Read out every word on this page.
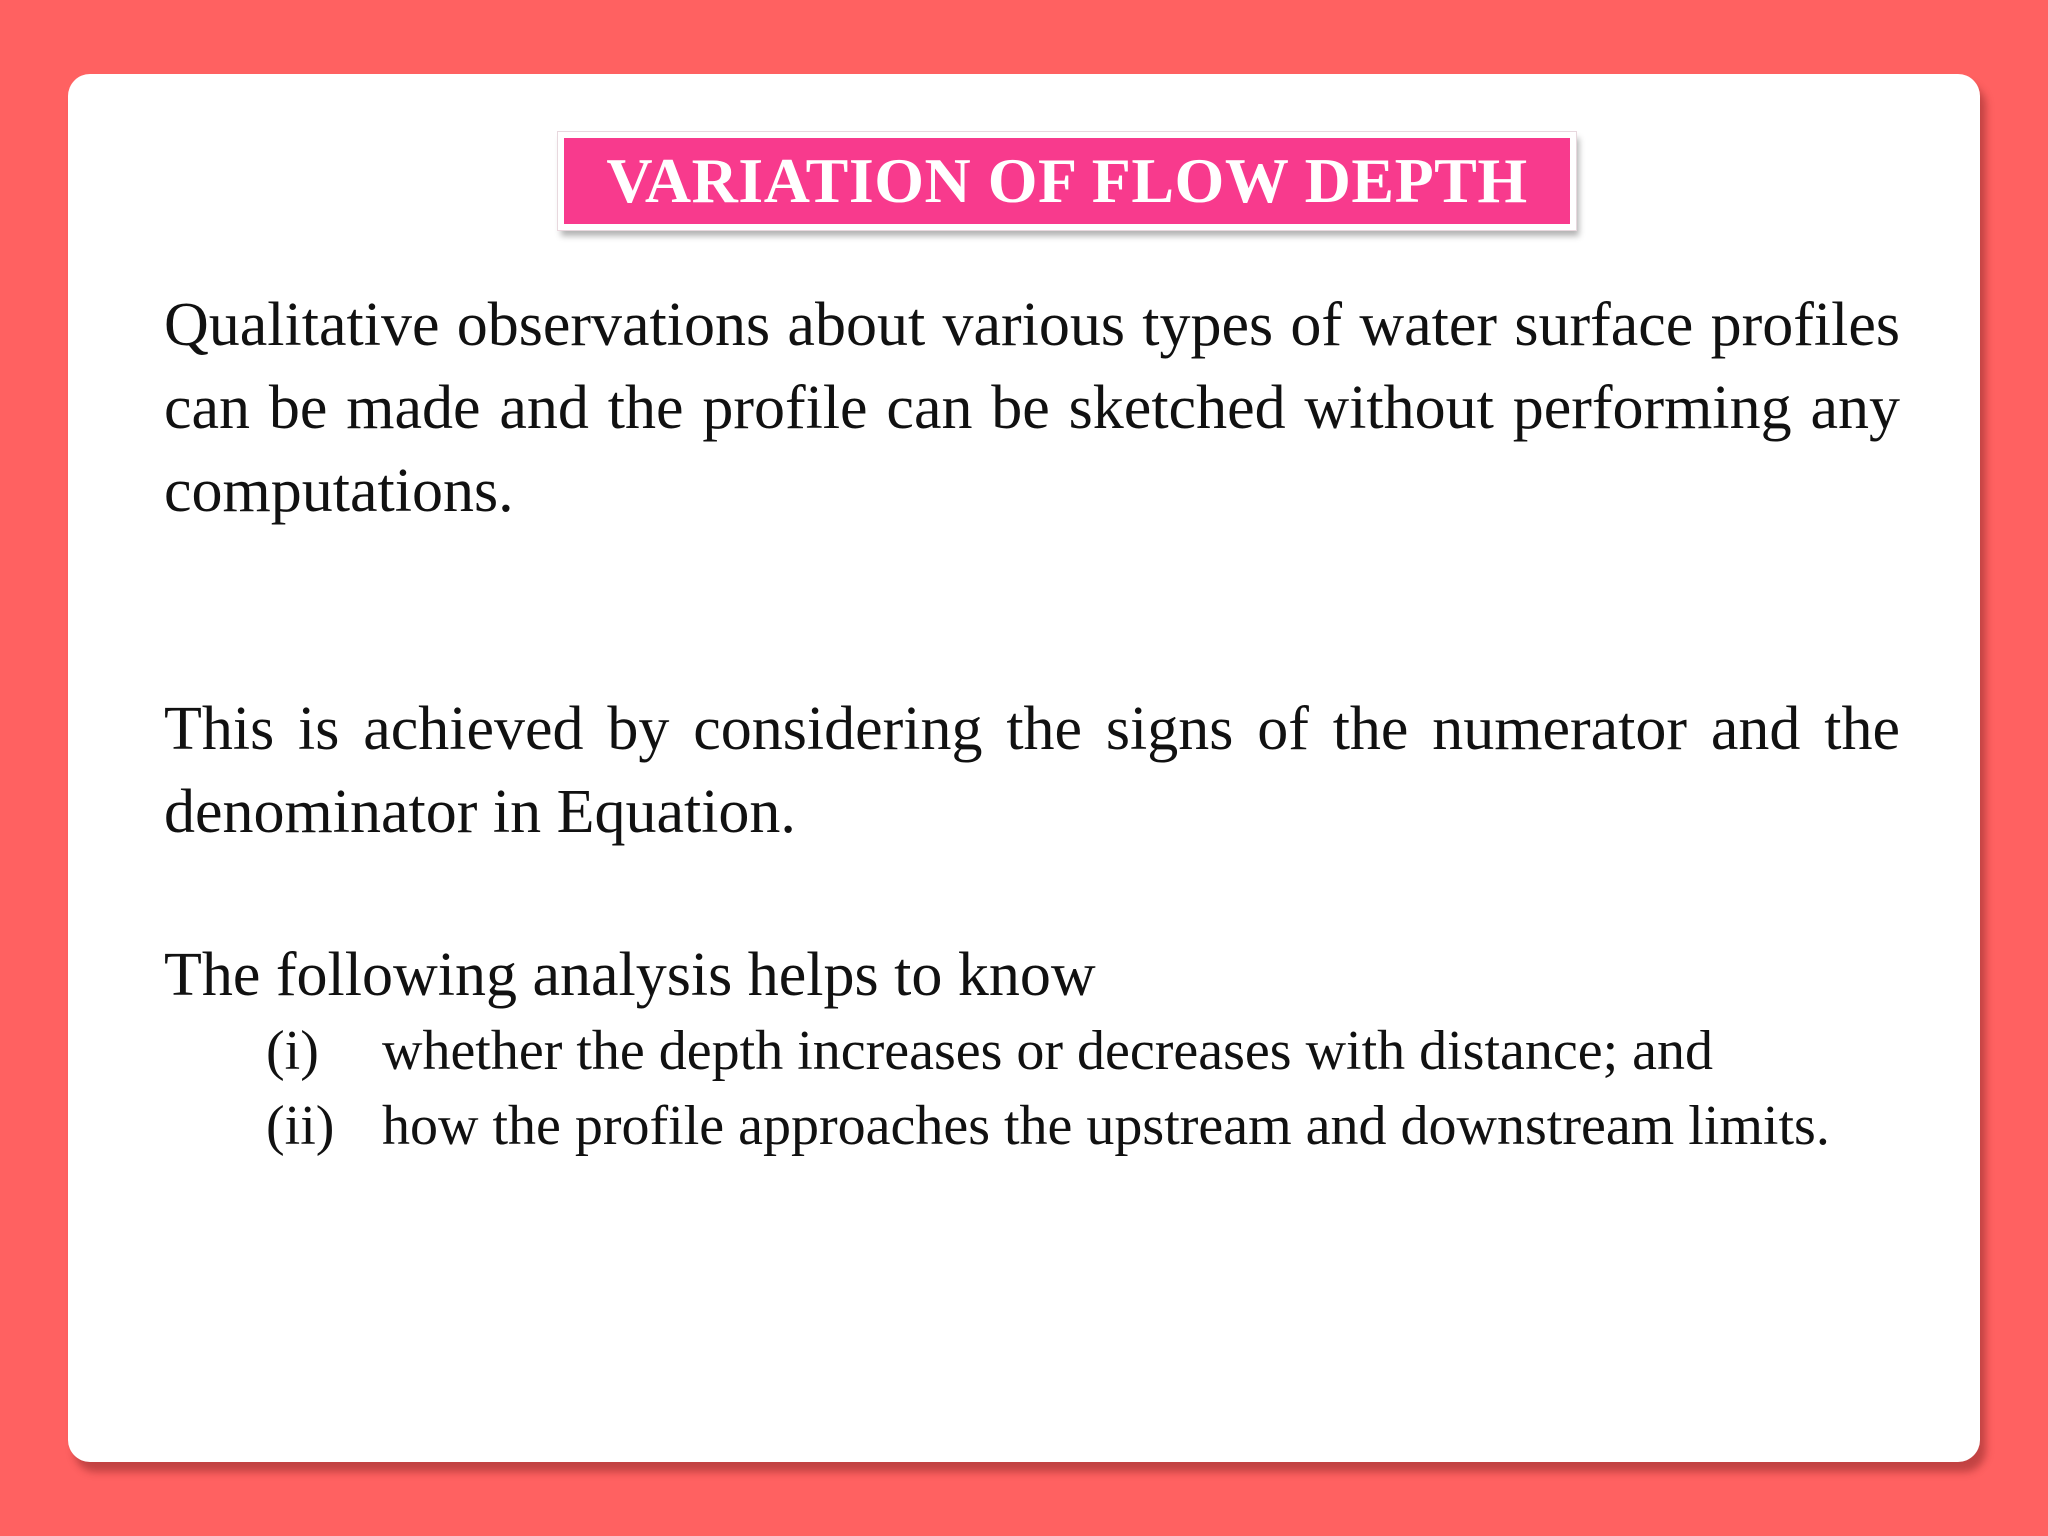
VARIATION OF FLOW DEPTH

Qualitative observations about various types of water surface profiles can be made and the profile can be sketched without performing any computations.

This is achieved by considering the signs of the numerator and the denominator in Equation.

The following analysis helps to know

(i)	whether the depth increases or decreases with distance; and
(ii) how the profile approaches the upstream and downstream limits.
